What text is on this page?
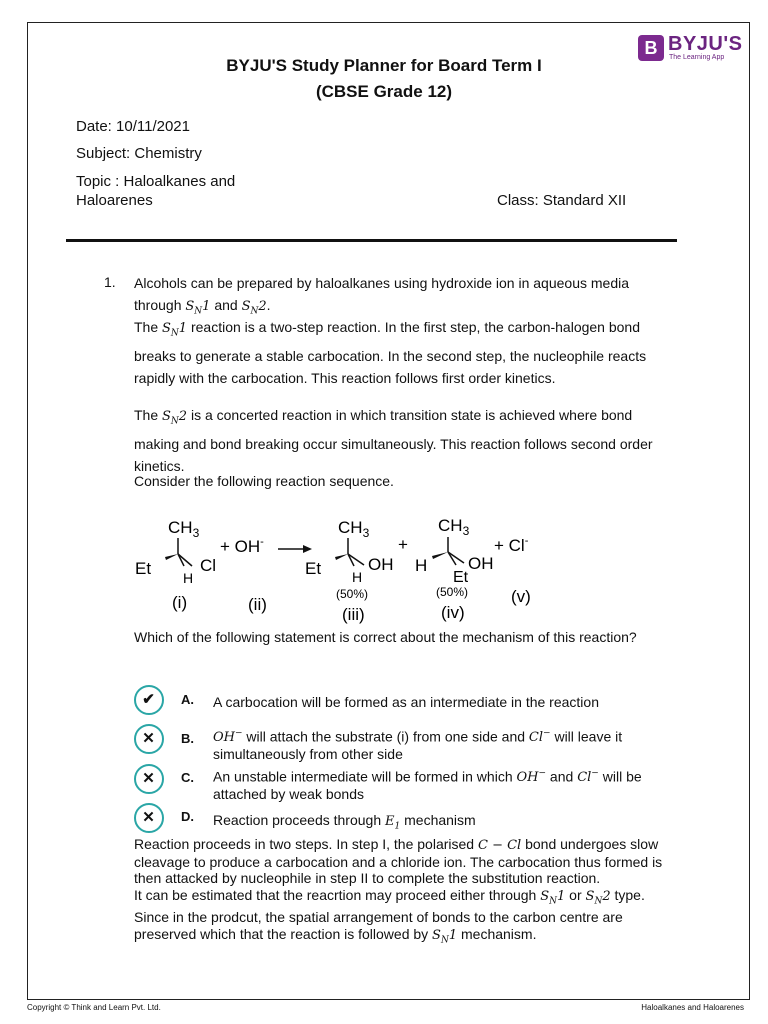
B BYJU'S
The Learning App
BYJU'S Study Planner for Board Term I
(CBSE Grade 12)
Date: 10/11/2021
Subject: Chemistry
Topic : Haloalkanes and
Haloarenes	Class: Standard XII
1. Alcohols can be prepared by haloalkanes using hydroxide ion in aqueous media through $S_N1$ and $S_N2$.
The $S_N1$ reaction is a two-step reaction. In the first step, the carbon-halogen bond breaks to generate a stable carbocation. In the second step, the nucleophile reacts rapidly with the carbocation. This reaction follows first order kinetics.
The $S_N2$ is a concerted reaction in which transition state is achieved where bond making and bond breaking occur simultaneously. This reaction follows second order kinetics.
Consider the following reaction sequence.
$CH_3$
Et	Cl
H
+ OH-
$CH_3$
Et	OH
H
+
$CH_3$
H OH
Et
+ Cl-
(i)	(ii)
(50%)
(iii)
(50%)
(iv)
(v)
Which of the following statement is correct about the mechanism of this reaction?
✔	A. A carbocation will be formed as an intermediate in the reaction
✕	B. OH− will attach the substrate (i) from one side and Cl− will leave it simultaneously from other side
✕	C. An unstable intermediate will be formed in which OH− and Cl− will be attached by weak bonds
✕	D. Reaction proceeds through $E_1$ mechanism
Reaction proceeds in two steps. In step I, the polarised C − Cl bond undergoes slow cleavage to produce a carbocation and a chloride ion. The carbocation thus formed is then attacked by nucleophile in step II to complete the substitution reaction.
It can be estimated that the reacrtion may proceed either through $S_N1$ or $S_N2$ type. Since in the prodcut, the spatial arrangement of bonds to the carbon centre are preserved which that the reaction is followed by $S_N1$ mechanism.
Copyright © Think and Learn Pvt. Ltd.	Haloalkanes and Haloarenes
